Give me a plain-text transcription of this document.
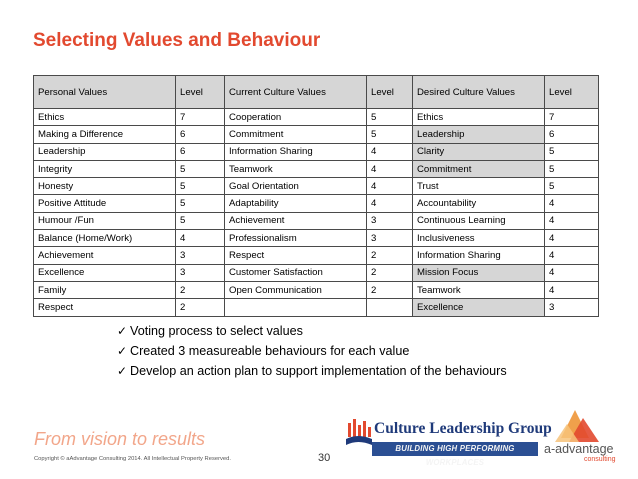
Selecting Values and Behaviour
Personal Values	Level	Current Culture Values	Level	Desired Culture Values	Level
Ethics	7	Cooperation	5	Ethics	7
Making a Difference	6	Commitment	5	Leadership	6
Leadership	6	Information Sharing	4	Clarity	5
Integrity	5	Teamwork	4	Commitment	5
Honesty	5	Goal Orientation	4	Trust	5
Positive Attitude	5	Adaptability	4	Accountability	4
Humour /Fun	5	Achievement	3	Continuous Learning	4
Balance (Home/Work)	4	Professionalism	3	Inclusiveness	4
Achievement	3	Respect	2	Information Sharing	4
Excellence	3	Customer Satisfaction	2	Mission Focus	4
Family	2	Open Communication	2	Teamwork	4
Respect	2			Excellence	3
✓ Voting process to select values
✓ Created 3 measureable behaviours for each value
✓ Develop an action plan to support implementation of the behaviours
From vision to results
Copyright © aAdvantage Consulting 2014. All Intellectual Property Reserved.	30
Culture Leadership Group
BUILDING HIGH PERFORMING WORKPLACES
a-advantage
consulting
